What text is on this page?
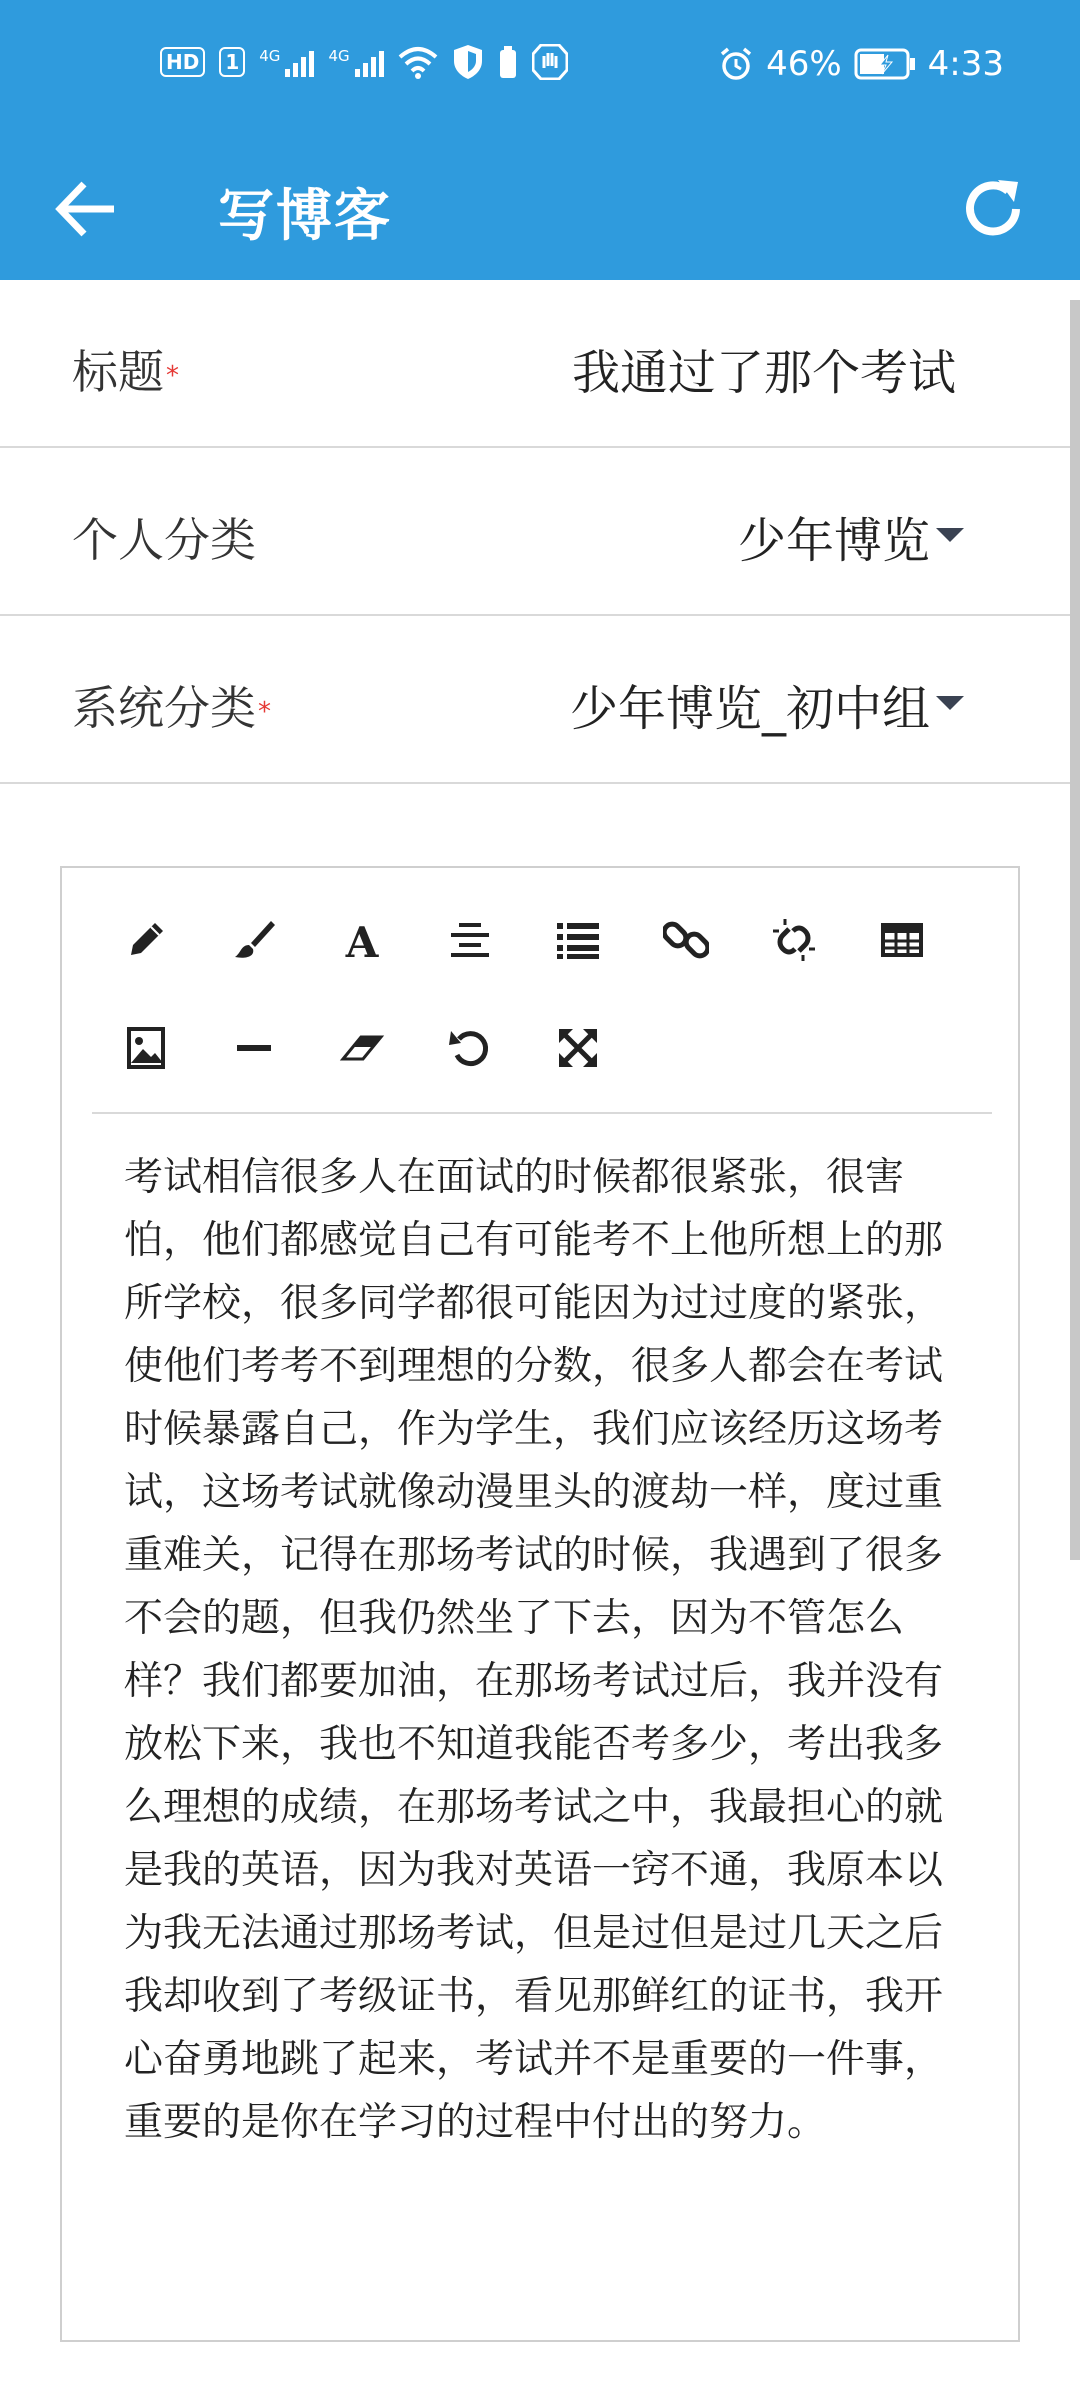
HD	1	4G	4G	46%	4:33
写博客
标题*	我通过了那个考试
个人分类	少年博览
系统分类*	少年博览_初中组
A
考试相信很多人在面试的时候都很紧张，很害怕，他们都感觉自己有可能考不上他所想上的那所学校，很多同学都很可能因为过过度的紧张，使他们考考不到理想的分数，很多人都会在考试时候暴露自己，作为学生，我们应该经历这场考试，这场考试就像动漫里头的渡劫一样，度过重重难关，记得在那场考试的时候，我遇到了很多不会的题，但我仍然坐了下去，因为不管怎么样？我们都要加油，在那场考试过后，我并没有放松下来，我也不知道我能否考多少，考出我多么理想的成绩，在那场考试之中，我最担心的就是我的英语，因为我对英语一窍不通，我原本以为我无法通过那场考试，但是过但是过几天之后我却收到了考级证书，看见那鲜红的证书，我开心奋勇地跳了起来，考试并不是重要的一件事，重要的是你在学习的过程中付出的努力。
